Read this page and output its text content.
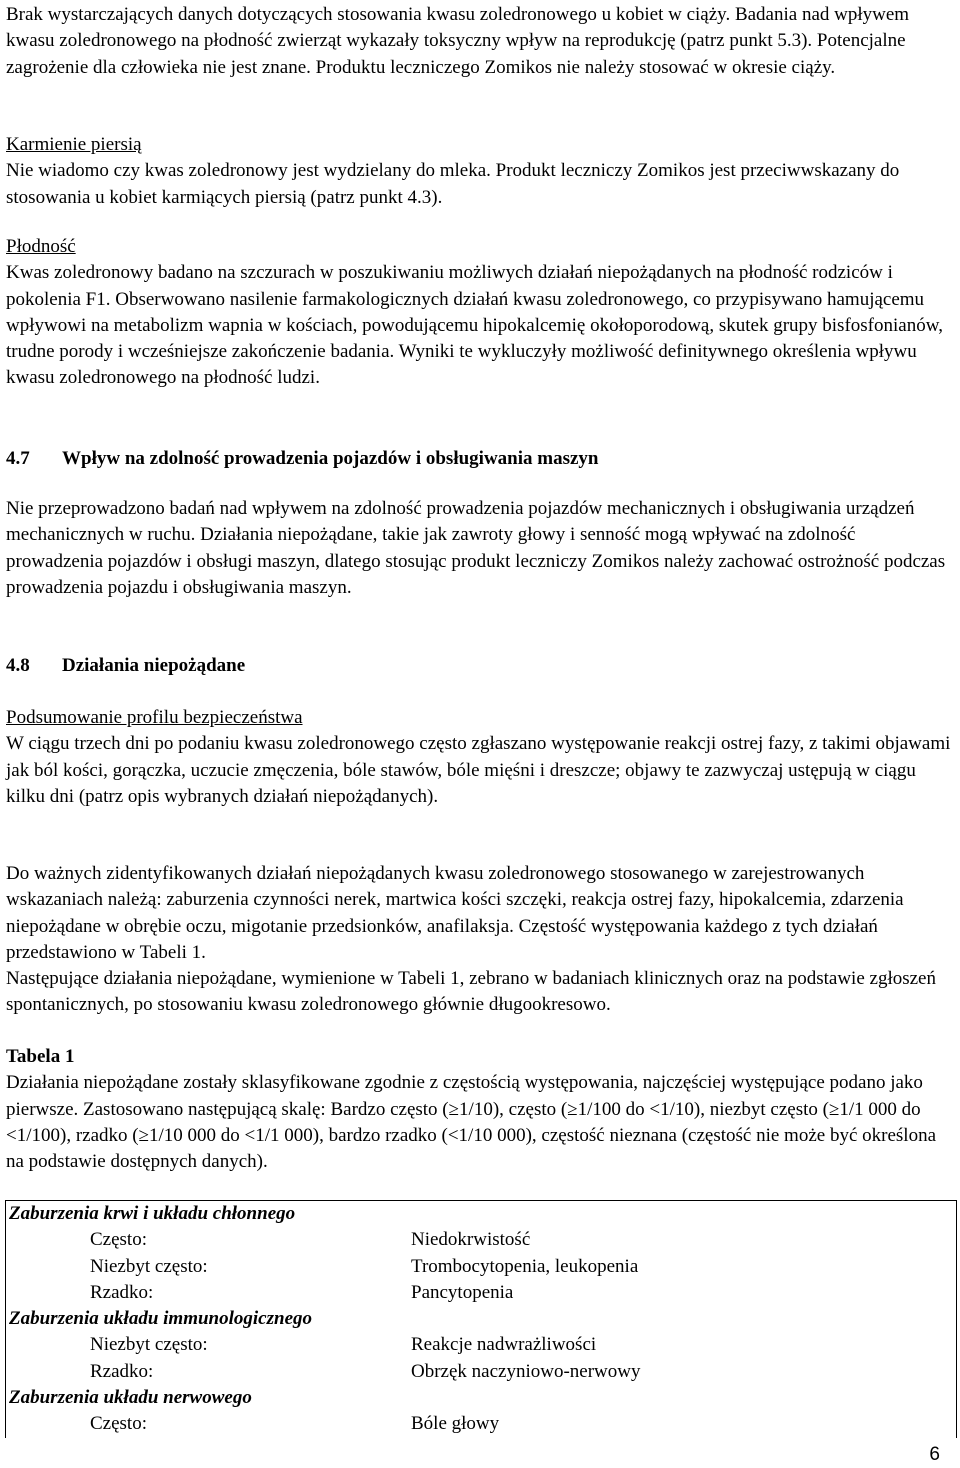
Brak wystarczających danych dotyczących stosowania kwasu zoledronowego u kobiet w ciąży. Badania nad wpływem kwasu zoledronowego na płodność zwierząt wykazały toksyczny wpływ na reprodukcję (patrz punkt 5.3). Potencjalne zagrożenie dla człowieka nie jest znane. Produktu leczniczego Zomikos nie należy stosować w okresie ciąży.

Karmienie piersią

Nie wiadomo czy kwas zoledronowy jest wydzielany do mleka. Produkt leczniczy Zomikos jest przeciwwskazany do stosowania u kobiet karmiących piersią (patrz punkt 4.3).

Płodność

Kwas zoledronowy badano na szczurach w poszukiwaniu możliwych działań niepożądanych na płodność rodziców i pokolenia F1. Obserwowano nasilenie farmakologicznych działań kwasu zoledronowego, co przypisywano hamującemu wpływowi na metabolizm wapnia w kościach, powodującemu hipokalcemię okołoporodową, skutek grupy bisfosfonianów, trudne porody i wcześniejsze zakończenie badania. Wyniki te wykluczyły możliwość definitywnego określenia wpływu kwasu zoledronowego na płodność ludzi.

4.7 Wpływ na zdolność prowadzenia pojazdów i obsługiwania maszyn

Nie przeprowadzono badań nad wpływem na zdolność prowadzenia pojazdów mechanicznych i obsługiwania urządzeń mechanicznych w ruchu. Działania niepożądane, takie jak zawroty głowy i senność mogą wpływać na zdolność prowadzenia pojazdów i obsługi maszyn, dlatego stosując produkt leczniczy Zomikos należy zachować ostrożność podczas prowadzenia pojazdu i obsługiwania maszyn.

4.8 Działania niepożądane

Podsumowanie profilu bezpieczeństwa

W ciągu trzech dni po podaniu kwasu zoledronowego często zgłaszano występowanie reakcji ostrej fazy, z takimi objawami jak ból kości, gorączka, uczucie zmęczenia, bóle stawów, bóle mięśni i dreszcze; objawy te zazwyczaj ustępują w ciągu kilku dni (patrz opis wybranych działań niepożądanych).

Do ważnych zidentyfikowanych działań niepożądanych kwasu zoledronowego stosowanego w zarejestrowanych wskazaniach należą: zaburzenia czynności nerek, martwica kości szczęki, reakcja ostrej fazy, hipokalcemia, zdarzenia niepożądane w obrębie oczu, migotanie przedsionków, anafilaksja. Częstość występowania każdego z tych działań przedstawiono w Tabeli 1.

Następujące działania niepożądane, wymienione w Tabeli 1, zebrano w badaniach klinicznych oraz na podstawie zgłoszeń spontanicznych, po stosowaniu kwasu zoledronowego głównie długookresowo.

Tabela 1

Działania niepożądane zostały sklasyfikowane zgodnie z częstością występowania, najczęściej występujące podano jako pierwsze. Zastosowano następującą skalę: Bardzo często (≥1/10), często (≥1/100 do <1/10), niezbyt często (≥1/1 000 do <1/100), rzadko (≥1/10 000 do <1/1 000), bardzo rzadko (<1/10 000), częstość nieznana (częstość nie może być określona na podstawie dostępnych danych).

Zaburzenia krwi i układu chłonnego	
Często:	Niedokrwistość
Niezbyt często:	Trombocytopenia, leukopenia
Rzadko:	Pancytopenia
Zaburzenia układu immunologicznego	
Niezbyt często:	Reakcje nadwrażliwości
Rzadko:	Obrzęk naczyniowo-nerwowy
Zaburzenia układu nerwowego	
Często:	Bóle głowy
6
